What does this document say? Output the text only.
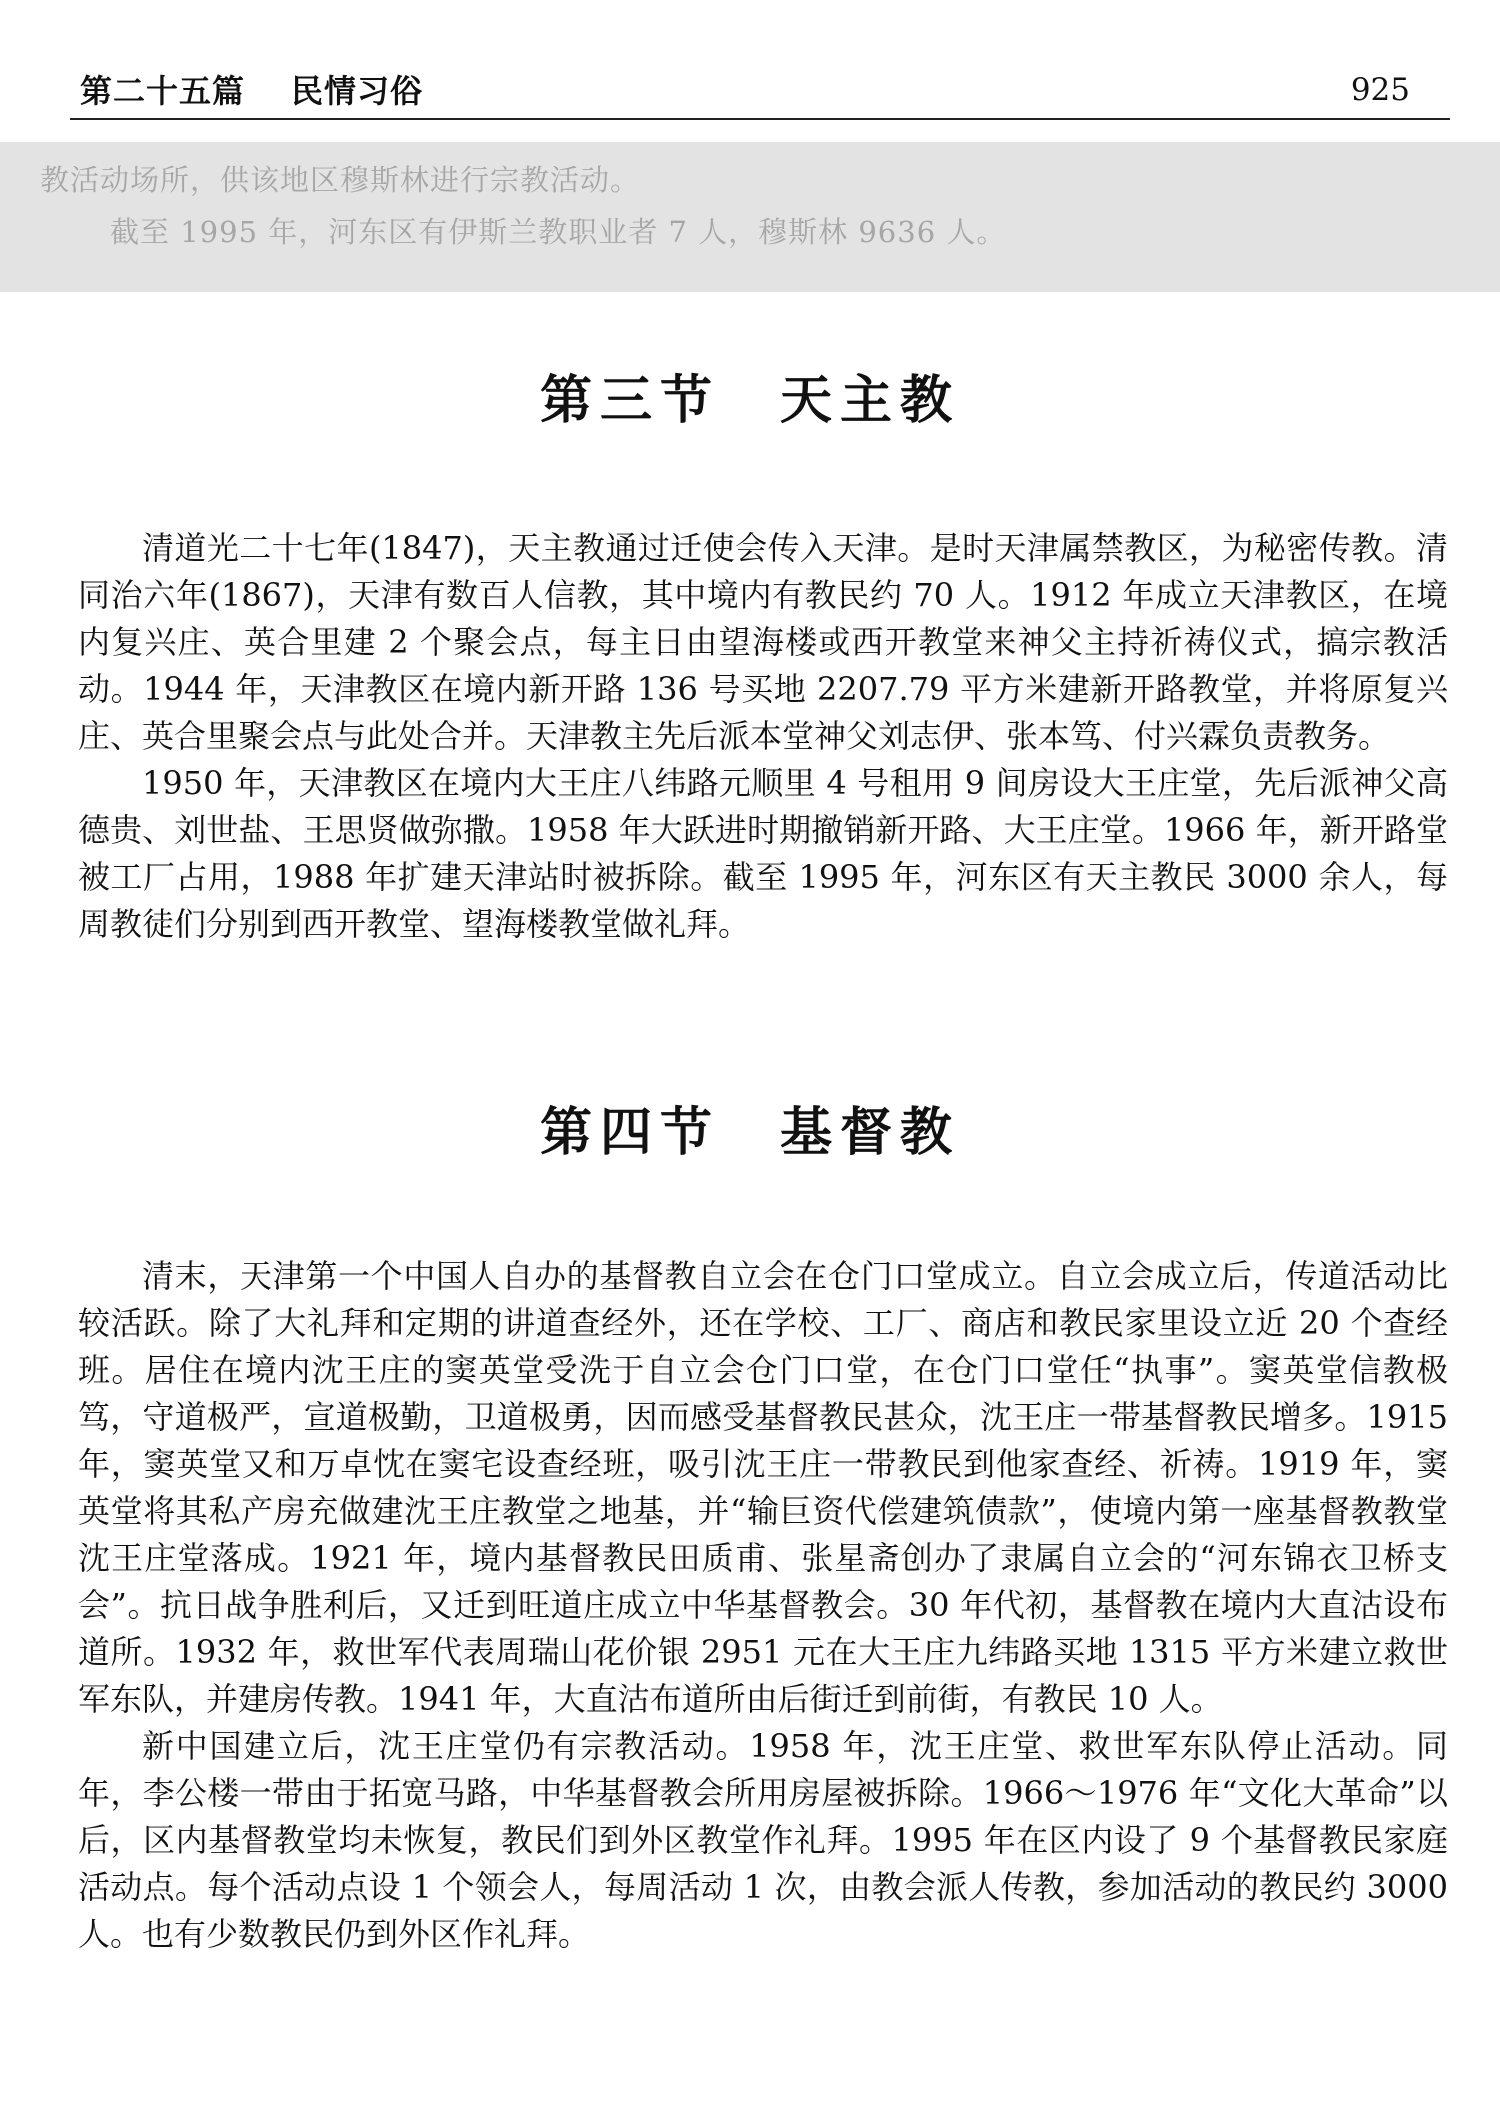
第二十五篇 民情习俗	925
教活动场所，供该地区穆斯林进行宗教活动。
截至 1995 年，河东区有伊斯兰教职业者 7 人，穆斯林 9636 人。
第三节 天主教

清道光二十七年(1847)，天主教通过迁使会传入天津。是时天津属禁教区，为秘密传教。清同治六年(1867)，天津有数百人信教，其中境内有教民约 70 人。1912 年成立天津教区，在境内复兴庄、英合里建 2 个聚会点，每主日由望海楼或西开教堂来神父主持祈祷仪式，搞宗教活动。1944 年，天津教区在境内新开路 136 号买地 2207.79 平方米建新开路教堂，并将原复兴庄、英合里聚会点与此处合并。天津教主先后派本堂神父刘志伊、张本笃、付兴霖负责教务。

1950 年，天津教区在境内大王庄八纬路元顺里 4 号租用 9 间房设大王庄堂，先后派神父高德贵、刘世盐、王思贤做弥撒。1958 年大跃进时期撤销新开路、大王庄堂。1966 年，新开路堂被工厂占用，1988 年扩建天津站时被拆除。截至 1995 年，河东区有天主教民 3000 余人，每周教徒们分别到西开教堂、望海楼教堂做礼拜。

第四节 基督教

清末，天津第一个中国人自办的基督教自立会在仓门口堂成立。自立会成立后，传道活动比较活跃。除了大礼拜和定期的讲道查经外，还在学校、工厂、商店和教民家里设立近 20 个查经班。居住在境内沈王庄的窦英堂受洗于自立会仓门口堂，在仓门口堂任“执事”。窦英堂信教极笃，守道极严，宣道极勤，卫道极勇，因而感受基督教民甚众，沈王庄一带基督教民增多。1915 年，窦英堂又和万卓忱在窦宅设查经班，吸引沈王庄一带教民到他家查经、祈祷。1919 年，窦英堂将其私产房充做建沈王庄教堂之地基，并“输巨资代偿建筑债款”，使境内第一座基督教教堂沈王庄堂落成。1921 年，境内基督教民田质甫、张星斋创办了隶属自立会的“河东锦衣卫桥支会”。抗日战争胜利后，又迁到旺道庄成立中华基督教会。30 年代初，基督教在境内大直沽设布道所。1932 年，救世军代表周瑞山花价银 2951 元在大王庄九纬路买地 1315 平方米建立救世军东队，并建房传教。1941 年，大直沽布道所由后街迁到前街，有教民 10 人。

新中国建立后，沈王庄堂仍有宗教活动。1958 年，沈王庄堂、救世军东队停止活动。同年，李公楼一带由于拓宽马路，中华基督教会所用房屋被拆除。1966～1976 年“文化大革命”以后，区内基督教堂均未恢复，教民们到外区教堂作礼拜。1995 年在区内设了 9 个基督教民家庭活动点。每个活动点设 1 个领会人，每周活动 1 次，由教会派人传教，参加活动的教民约 3000 人。也有少数教民仍到外区作礼拜。
